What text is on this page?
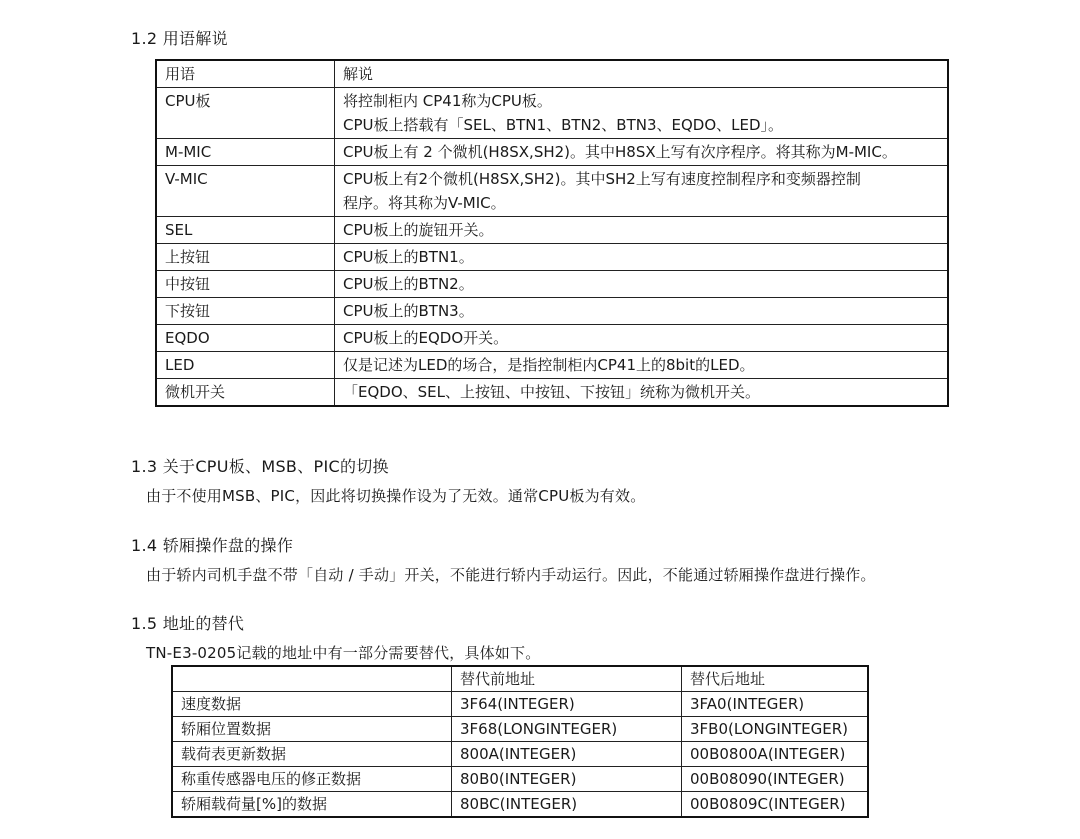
1.2 用语解说
用语	解说
CPU板	将控制柜内 CP41称为CPU板。
CPU板上搭载有「SEL、BTN1、BTN2、BTN3、EQDO、LED」。

M-MIC	CPU板上有 2 个微机(H8SX,SH2)。其中H8SX上写有次序程序。将其称为M-MIC。

V-MIC	CPU板上有2个微机(H8SX,SH2)。其中SH2上写有速度控制程序和变频器控制
程序。将其称为V-MIC。

SEL	CPU板上的旋钮开关。

上按钮	CPU板上的BTN1。

中按钮	CPU板上的BTN2。

下按钮	CPU板上的BTN3。

EQDO	CPU板上的EQDO开关。

LED	仅是记述为LED的场合，是指控制柜内CP41上的8bit的LED。

微机开关	「EQDO、SEL、上按钮、中按钮、下按钮」统称为微机开关。
1.3 关于CPU板、MSB、PIC的切换
由于不使用MSB、PIC，因此将切换操作设为了无效。通常CPU板为有效。
1.4 轿厢操作盘的操作
由于轿内司机手盘不带「自动 / 手动」开关，不能进行轿内手动运行。因此，不能通过轿厢操作盘进行操作。
1.5 地址的替代
TN-E3-0205记载的地址中有一部分需要替代，具体如下。
	替代前地址	替代后地址
速度数据	3F64(INTEGER)	3FA0(INTEGER)
轿厢位置数据	3F68(LONGINTEGER)	3FB0(LONGINTEGER)
载荷表更新数据	800A(INTEGER)	00B0800A(INTEGER)
称重传感器电压的修正数据	80B0(INTEGER)	00B08090(INTEGER)
轿厢载荷量[%]的数据	80BC(INTEGER)	00B0809C(INTEGER)
